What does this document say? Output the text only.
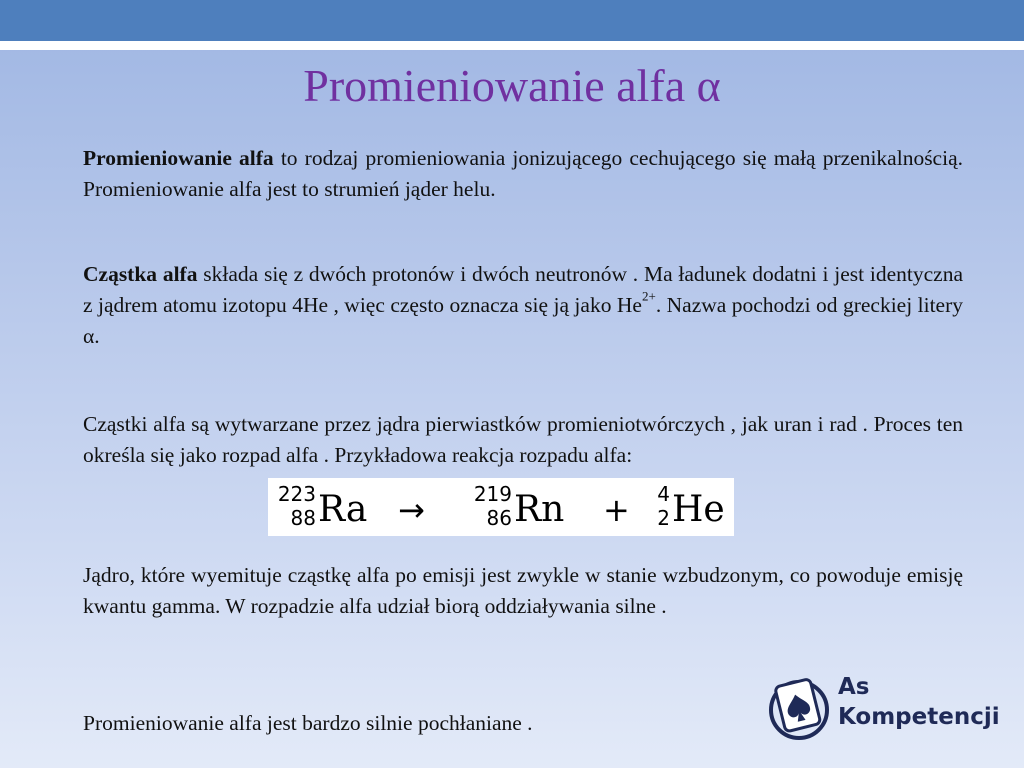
Promieniowanie alfa α

Promieniowanie alfa to rodzaj promieniowania jonizującego cechującego się małą przenikalnością. Promieniowanie alfa jest to strumień jąder helu.

Cząstka alfa składa się z dwóch protonów i dwóch neutronów . Ma ładunek dodatni i jest identyczna z jądrem atomu izotopu 4He , więc często oznacza się ją jako $He^{2+}$. Nazwa pochodzi od greckiej litery α.

Cząstki alfa są wytwarzane przez jądra pierwiastków promieniotwórczych , jak uran i rad . Proces ten określa się jako rozpad alfa . Przykładowa reakcja rozpadu alfa:

223
88 Ra → 219
86 Rn + 4
2 He

Jądro, które wyemituje cząstkę alfa po emisji jest zwykle w stanie wzbudzonym, co powoduje emisję kwantu gamma. W rozpadzie alfa udział biorą oddziaływania silne .

Promieniowanie alfa jest bardzo silnie pochłaniane .

As
Kompetencji
